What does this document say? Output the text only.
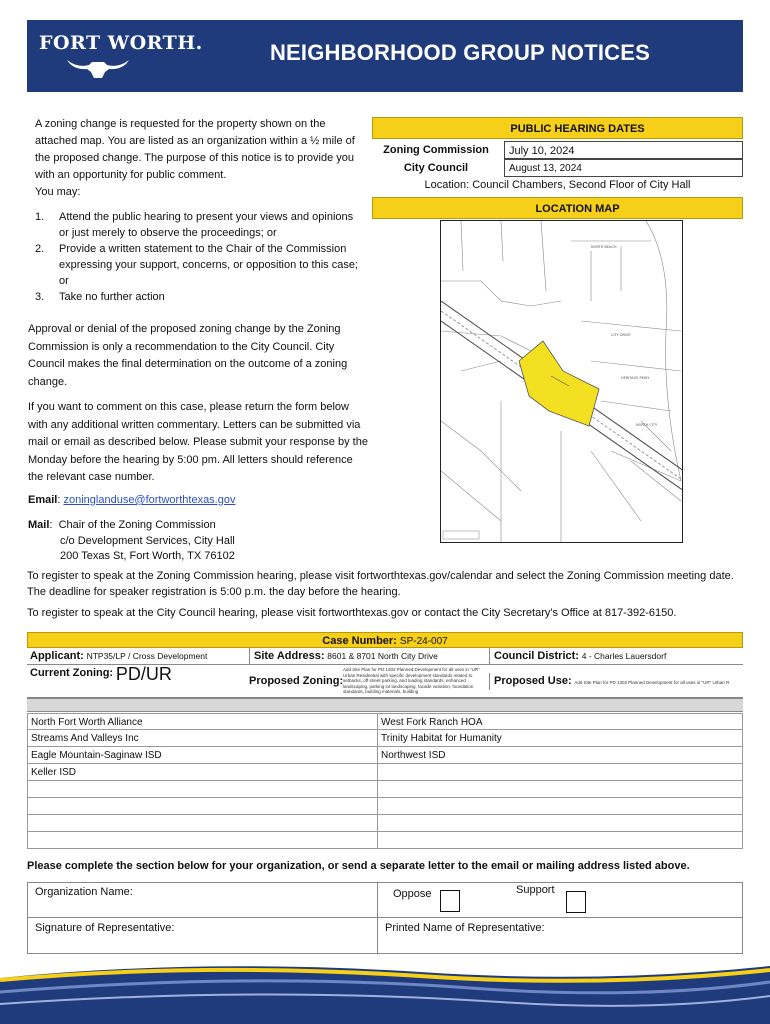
FORT WORTH.	NEIGHBORHOOD GROUP NOTICES

A zoning change is requested for the property shown on the attached map. You are listed as an organization within a ½ mile of the proposed change. The purpose of this notice is to provide you with an opportunity for public comment.

You may:

1.	Attend the public hearing to present your views and opinions or just merely to observe the proceedings; or
2.	Provide a written statement to the Chair of the Commission expressing your support, concerns, or opposition to this case; or
3.	Take no further action
Approval or denial of the proposed zoning change by the Zoning Commission is only a recommendation to the City Council. City Council makes the final determination on the outcome of a zoning change.
If you want to comment on this case, please return the form below with any additional written commentary. Letters can be submitted via mail or email as described below. Please submit your response by the Monday before the hearing by 5:00 pm. All letters should reference the relevant case number.
Email: zoninglanduse@fortworthtexas.gov
Mail:  Chair of the Zoning Commission
c/o Development Services, City Hall
200 Texas St, Fort Worth, TX 76102
PUBLIC HEARING DATES
Zoning Commission	July 10, 2024
City Council	August 13, 2024
Location: Council Chambers, Second Floor of City Hall
LOCATION MAP
NORTH BEACH
CITY DRIVE
HERITAGE PKWY
NORTH CITY
To register to speak at the Zoning Commission hearing, please visit fortworthtexas.gov/calendar and select the Zoning Commission meeting date. The deadline for speaker registration is 5:00 p.m. the day before the hearing.
To register to speak at the City Council hearing, please visit fortworthtexas.gov or contact the City Secretary's Office at 817-392-6150.
Case Number: SP-24-007
Applicant: NTP35/LP / Cross Development	Site Address: 8601 & 8701 North City Drive	Council District: 4 - Charles Lauersdorf
Current Zoning: PD/UR	Proposed Zoning:
Add Site Plan for PD 1302 Planned Development for all uses in "UR" Urban Residential with specific development standards related to setbacks, off street parking, and loading standards, enhanced landscaping, parking lot landscaping, facade variation, foundation standards, building materials, building
Proposed Use: Add Site Plan for PD 1302 Planned Development for all uses in "UR" Urban R
North Fort Worth Alliance	West Fork Ranch HOA
Streams And Valleys Inc	Trinity Habitat for Humanity
Eagle Mountain-Saginaw ISD	Northwest ISD
Keller ISD
Please complete the section below for your organization, or send a separate letter to the email or mailing address listed above.
Organization Name:	Oppose	Support
Signature of Representative:	Printed Name of Representative:
